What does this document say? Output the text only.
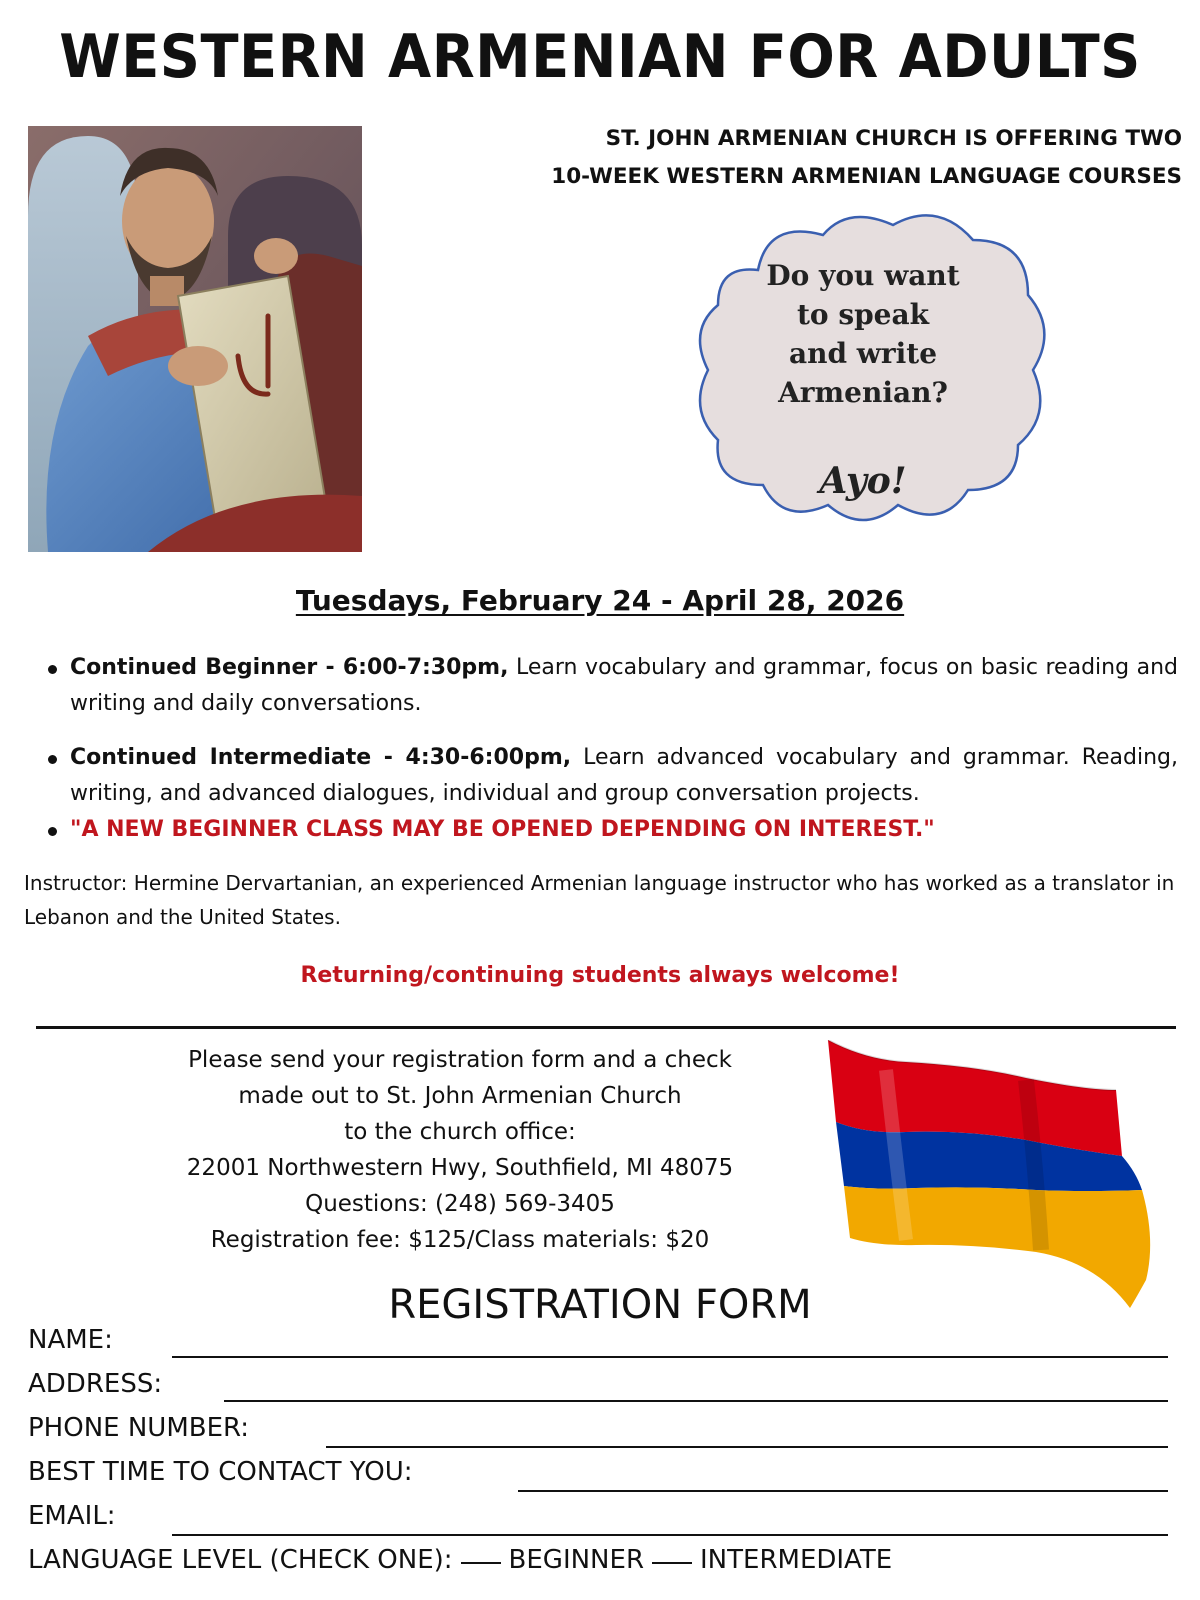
WESTERN ARMENIAN FOR ADULTS
ST. JOHN ARMENIAN CHURCH IS OFFERING TWO
10-WEEK WESTERN ARMENIAN LANGUAGE COURSES
Do you want
to speak
and write
Armenian?
Ayo!
Tuesdays, February 24 - April 28, 2026
Continued Beginner - 6:00-7:30pm, Learn vocabulary and grammar, focus on basic reading and writing and daily conversations.
Continued Intermediate - 4:30-6:00pm, Learn advanced vocabulary and grammar. Reading, writing, and advanced dialogues, individual and group conversation projects.
"A NEW BEGINNER CLASS MAY BE OPENED DEPENDING ON INTEREST."

Instructor: Hermine Dervartanian, an experienced Armenian language instructor who has worked as a translator in Lebanon and the United States.

Returning/continuing students always welcome!
Please send your registration form and a check
made out to St. John Armenian Church
to the church office:
22001 Northwestern Hwy, Southfield, MI 48075
Questions: (248) 569-3405
Registration fee: $125/Class materials: $20
REGISTRATION FORM
NAME:
ADDRESS:
PHONE NUMBER:
BEST TIME TO CONTACT YOU:
EMAIL:
LANGUAGE LEVEL (CHECK ONE): BEGINNER INTERMEDIATE
